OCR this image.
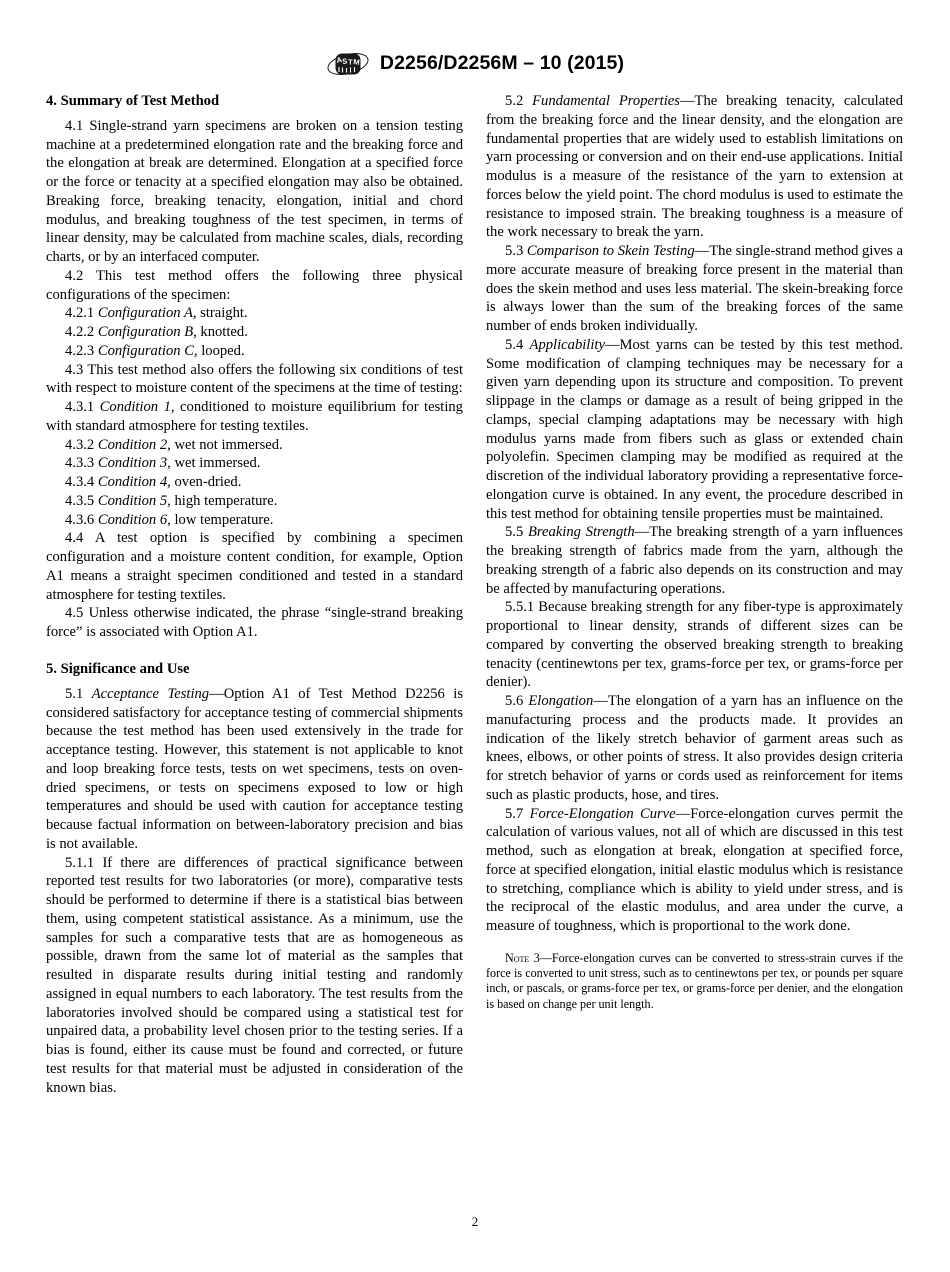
A S T M D2256/D2256M – 10 (2015)
4. Summary of Test Method

4.1 Single-strand yarn specimens are broken on a tension testing machine at a predetermined elongation rate and the breaking force and the elongation at break are determined. Elongation at a specified force or the force or tenacity at a specified elongation may also be obtained. Breaking force, breaking tenacity, elongation, initial and chord modulus, and breaking toughness of the test specimen, in terms of linear density, may be calculated from machine scales, dials, recording charts, or by an interfaced computer.

4.2 This test method offers the following three physical configurations of the specimen:

4.2.1 Configuration A, straight.

4.2.2 Configuration B, knotted.

4.2.3 Configuration C, looped.

4.3 This test method also offers the following six conditions of test with respect to moisture content of the specimens at the time of testing:

4.3.1 Condition 1, conditioned to moisture equilibrium for testing with standard atmosphere for testing textiles.

4.3.2 Condition 2, wet not immersed.

4.3.3 Condition 3, wet immersed.

4.3.4 Condition 4, oven-dried.

4.3.5 Condition 5, high temperature.

4.3.6 Condition 6, low temperature.

4.4 A test option is specified by combining a specimen configuration and a moisture content condition, for example, Option A1 means a straight specimen conditioned and tested in a standard atmosphere for testing textiles.

4.5 Unless otherwise indicated, the phrase “single-strand breaking force” is associated with Option A1.

5. Significance and Use

5.1 Acceptance Testing—Option A1 of Test Method D2256 is considered satisfactory for acceptance testing of commercial shipments because the test method has been used extensively in the trade for acceptance testing. However, this statement is not applicable to knot and loop breaking force tests, tests on wet specimens, tests on oven-dried specimens, or tests on specimens exposed to low or high temperatures and should be used with caution for acceptance testing because factual information on between-laboratory precision and bias is not available.

5.1.1 If there are differences of practical significance between reported test results for two laboratories (or more), comparative tests should be performed to determine if there is a statistical bias between them, using competent statistical assistance. As a minimum, use the samples for such a comparative tests that are as homogeneous as possible, drawn from the same lot of material as the samples that resulted in disparate results during initial testing and randomly assigned in equal numbers to each laboratory. The test results from the laboratories involved should be compared using a statistical test for unpaired data, a probability level chosen prior to the testing series. If a bias is found, either its cause must be found and corrected, or future test results for that material must be adjusted in consideration of the known bias.

5.2 Fundamental Properties—The breaking tenacity, calculated from the breaking force and the linear density, and the elongation are fundamental properties that are widely used to establish limitations on yarn processing or conversion and on their end-use applications. Initial modulus is a measure of the resistance of the yarn to extension at forces below the yield point. The chord modulus is used to estimate the resistance to imposed strain. The breaking toughness is a measure of the work necessary to break the yarn.

5.3 Comparison to Skein Testing—The single-strand method gives a more accurate measure of breaking force present in the material than does the skein method and uses less material. The skein-breaking force is always lower than the sum of the breaking forces of the same number of ends broken individually.

5.4 Applicability—Most yarns can be tested by this test method. Some modification of clamping techniques may be necessary for a given yarn depending upon its structure and composition. To prevent slippage in the clamps or damage as a result of being gripped in the clamps, special clamping adaptations may be necessary with high modulus yarns made from fibers such as glass or extended chain polyolefin. Specimen clamping may be modified as required at the discretion of the individual laboratory providing a representative force-elongation curve is obtained. In any event, the procedure described in this test method for obtaining tensile properties must be maintained.

5.5 Breaking Strength—The breaking strength of a yarn influences the breaking strength of fabrics made from the yarn, although the breaking strength of a fabric also depends on its construction and may be affected by manufacturing operations.

5.5.1 Because breaking strength for any fiber-type is approximately proportional to linear density, strands of different sizes can be compared by converting the observed breaking strength to breaking tenacity (centinewtons per tex, grams-force per tex, or grams-force per denier).

5.6 Elongation—The elongation of a yarn has an influence on the manufacturing process and the products made. It provides an indication of the likely stretch behavior of garment areas such as knees, elbows, or other points of stress. It also provides design criteria for stretch behavior of yarns or cords used as reinforcement for items such as plastic products, hose, and tires.

5.7 Force-Elongation Curve—Force-elongation curves permit the calculation of various values, not all of which are discussed in this test method, such as elongation at break, elongation at specified force, force at specified elongation, initial elastic modulus which is resistance to stretching, compliance which is ability to yield under stress, and is the reciprocal of the elastic modulus, and area under the curve, a measure of toughness, which is proportional to the work done.

Note 3—Force-elongation curves can be converted to stress-strain curves if the force is converted to unit stress, such as to centinewtons per tex, or pounds per square inch, or pascals, or grams-force per tex, or grams-force per denier, and the elongation is based on change per unit length.

2
